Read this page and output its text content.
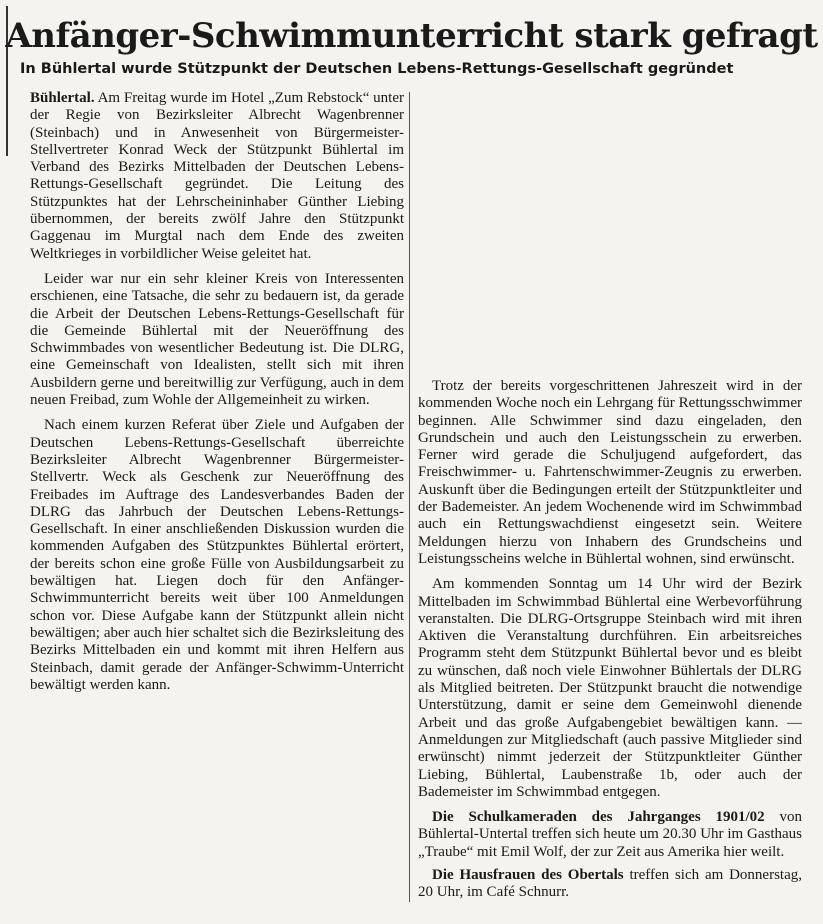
Anfänger-Schwimmunterricht stark gefragt
In Bühlertal wurde Stützpunkt der Deutschen Lebens-Rettungs-Gesellschaft gegründet

Bühlertal. Am Freitag wurde im Hotel „Zum Rebstock“ unter der Regie von Bezirksleiter Albrecht Wagenbrenner (Steinbach) und in Anwesenheit von Bürgermeister-Stellvertreter Konrad Weck der Stützpunkt Bühlertal im Verband des Bezirks Mittelbaden der Deutschen Lebens-Rettungs-Gesellschaft gegründet. Die Leitung des Stützpunktes hat der Lehrscheininhaber Günther Liebing übernommen, der bereits zwölf Jahre den Stützpunkt Gaggenau im Murgtal nach dem Ende des zweiten Weltkrieges in vorbildlicher Weise geleitet hat.

Leider war nur ein sehr kleiner Kreis von Interessenten erschienen, eine Tatsache, die sehr zu bedauern ist, da gerade die Arbeit der Deutschen Lebens-Rettungs-Gesellschaft für die Gemeinde Bühlertal mit der Neueröffnung des Schwimmbades von wesentlicher Bedeutung ist. Die DLRG, eine Gemeinschaft von Idealisten, stellt sich mit ihren Ausbildern gerne und bereitwillig zur Verfügung, auch in dem neuen Freibad, zum Wohle der Allgemeinheit zu wirken.

Nach einem kurzen Referat über Ziele und Aufgaben der Deutschen Lebens-Rettungs-Gesellschaft überreichte Bezirksleiter Albrecht Wagenbrenner Bürgermeister-Stellvertr. Weck als Geschenk zur Neueröffnung des Freibades im Auftrage des Landesverbandes Baden der DLRG das Jahrbuch der Deutschen Lebens-Rettungs-Gesellschaft. In einer anschließenden Diskussion wurden die kommenden Aufgaben des Stützpunktes Bühlertal erörtert, der bereits schon eine große Fülle von Ausbildungsarbeit zu bewältigen hat. Liegen doch für den Anfänger-Schwimmunterricht bereits weit über 100 Anmeldungen schon vor. Diese Aufgabe kann der Stützpunkt allein nicht bewältigen; aber auch hier schaltet sich die Bezirksleitung des Bezirks Mittelbaden ein und kommt mit ihren Helfern aus Steinbach, damit gerade der Anfänger-Schwimm-Unterricht bewältigt werden kann.

Trotz der bereits vorgeschrittenen Jahreszeit wird in der kommenden Woche noch ein Lehrgang für Rettungsschwimmer beginnen. Alle Schwimmer sind dazu eingeladen, den Grundschein und auch den Leistungsschein zu erwerben. Ferner wird gerade die Schuljugend aufgefordert, das Freischwimmer- u. Fahrtenschwimmer-Zeugnis zu erwerben. Auskunft über die Bedingungen erteilt der Stützpunktleiter und der Bademeister. An jedem Wochenende wird im Schwimmbad auch ein Rettungswachdienst eingesetzt sein. Weitere Meldungen hierzu von Inhabern des Grundscheins und Leistungsscheins welche in Bühlertal wohnen, sind erwünscht.

Am kommenden Sonntag um 14 Uhr wird der Bezirk Mittelbaden im Schwimmbad Bühlertal eine Werbevorführung veranstalten. Die DLRG-Ortsgruppe Steinbach wird mit ihren Aktiven die Veranstaltung durchführen. Ein arbeitsreiches Programm steht dem Stützpunkt Bühlertal bevor und es bleibt zu wünschen, daß noch viele Einwohner Bühlertals der DLRG als Mitglied beitreten. Der Stützpunkt braucht die notwendige Unterstützung, damit er seine dem Gemeinwohl dienende Arbeit und das große Aufgabengebiet bewältigen kann. — Anmeldungen zur Mitgliedschaft (auch passive Mitglieder sind erwünscht) nimmt jederzeit der Stützpunktleiter Günther Liebing, Bühlertal, Laubenstraße 1b, oder auch der Bademeister im Schwimmbad entgegen.

Die Schulkameraden des Jahrganges 1901/02 von Bühlertal-Untertal treffen sich heute um 20.30 Uhr im Gasthaus „Traube“ mit Emil Wolf, der zur Zeit aus Amerika hier weilt.

Die Hausfrauen des Obertals treffen sich am Donnerstag, 20 Uhr, im Café Schnurr.
